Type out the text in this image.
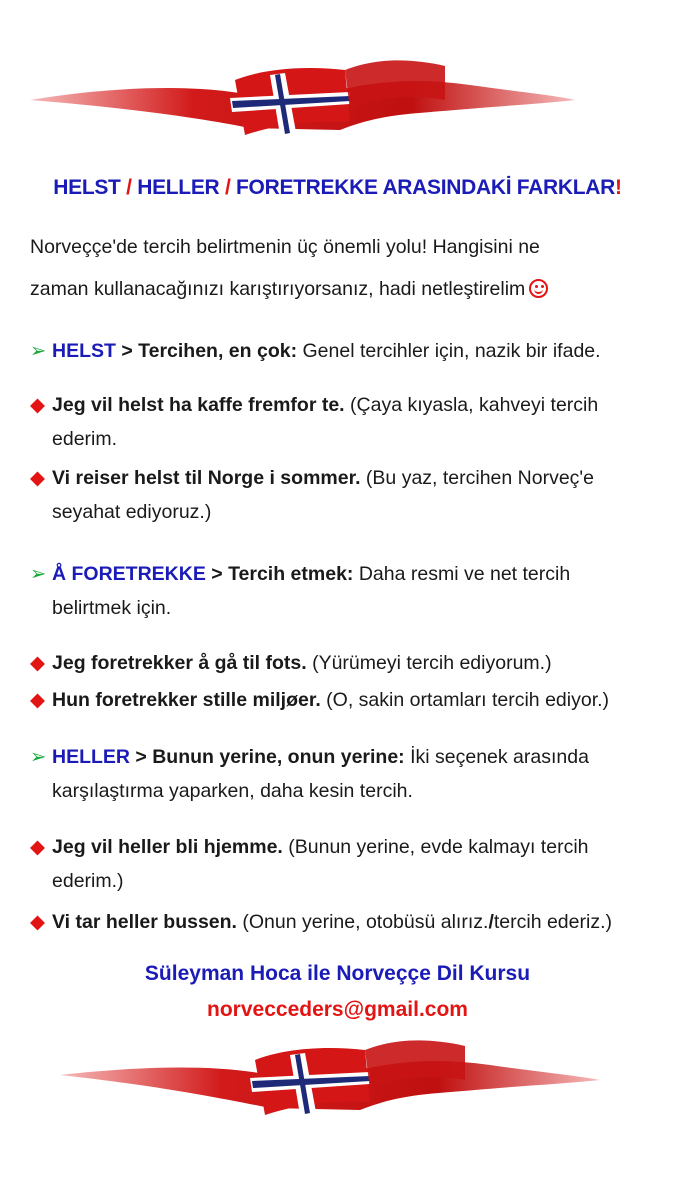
HELST / HELLER / FORETREKKE ARASINDAKİ FARKLAR!
Norveççe'de tercih belirtmenin üç önemli yolu! Hangisini ne
zaman kullanacağınızı karıştırıyorsanız, hadi netleştirelim
➢ HELST > Tercihen, en çok: Genel tercihler için, nazik bir ifade.
◆ Jeg vil helst ha kaffe fremfor te. (Çaya kıyasla, kahveyi tercih
ederim.
◆ Vi reiser helst til Norge i sommer. (Bu yaz, tercihen Norveç'e
seyahat ediyoruz.)
➢ Å FORETREKKE > Tercih etmek: Daha resmi ve net tercih
belirtmek için.
◆ Jeg foretrekker å gå til fots. (Yürümeyi tercih ediyorum.)
◆ Hun foretrekker stille miljøer. (O, sakin ortamları tercih ediyor.)
➢ HELLER > Bunun yerine, onun yerine: İki seçenek arasında
karşılaştırma yaparken, daha kesin tercih.
◆ Jeg vil heller bli hjemme. (Bunun yerine, evde kalmayı tercih
ederim.)
◆ Vi tar heller bussen. (Onun yerine, otobüsü alırız./tercih ederiz.)
Süleyman Hoca ile Norveççe Dil Kursu
norvecceders@gmail.com
